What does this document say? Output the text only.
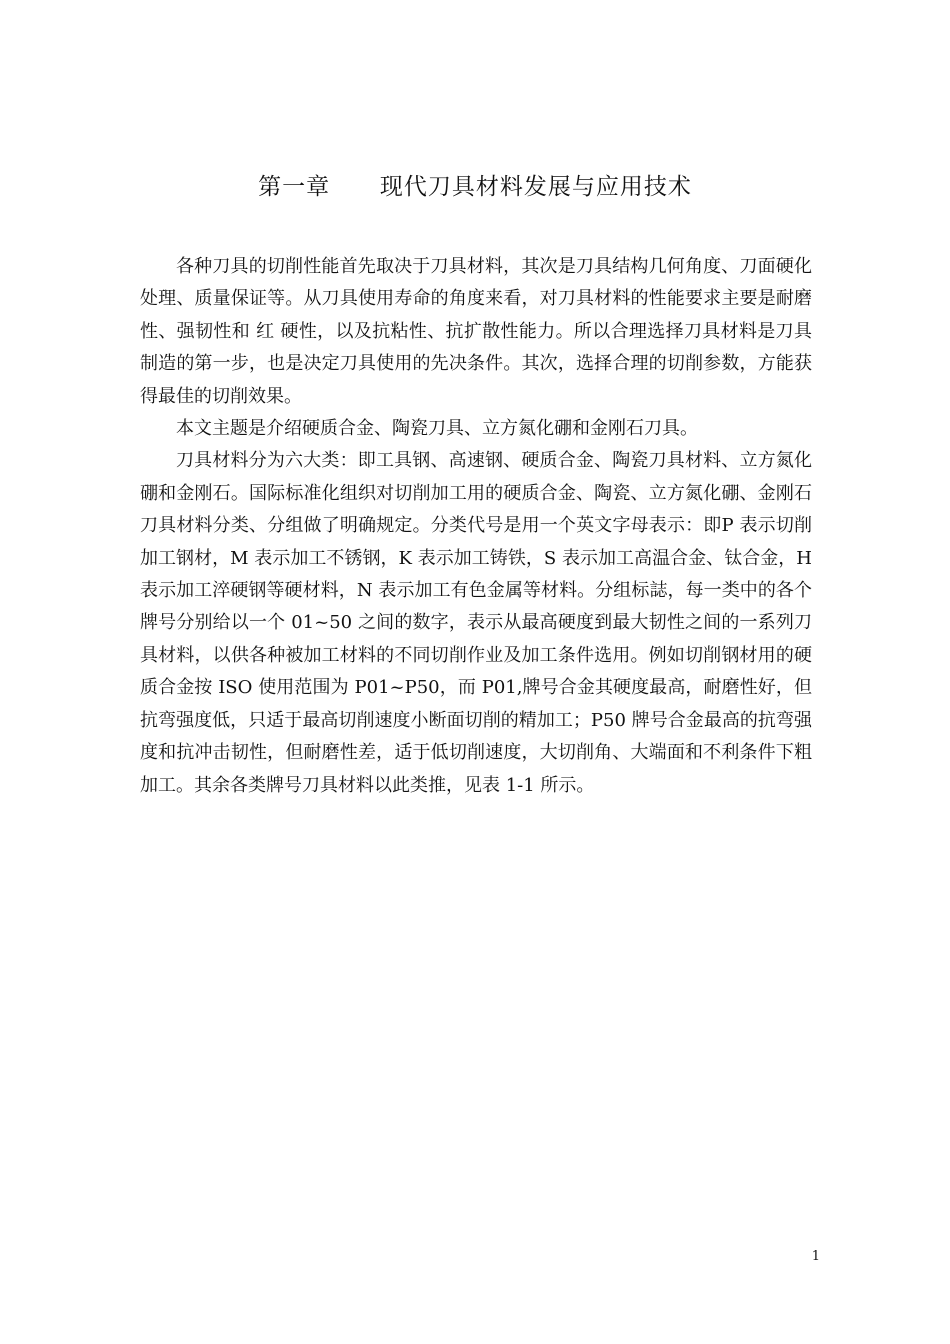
第一章      现代刀具材料发展与应用技术

各种刀具的切削性能首先取决于刀具材料，其次是刀具结构几何角度、刀面硬化处理、质量保证等。从刀具使用寿命的角度来看，对刀具材料的性能要求主要是耐磨性、强韧性和 红 硬性，以及抗粘性、抗扩散性能力。所以合理选择刀具材料是刀具制造的第一步，也是决定刀具使用的先决条件。其次，选择合理的切削参数，方能获得最佳的切削效果。

本文主题是介绍硬质合金、陶瓷刀具、立方氮化硼和金刚石刀具。

刀具材料分为六大类：即工具钢、高速钢、硬质合金、陶瓷刀具材料、立方氮化硼和金刚石。国际标准化组织对切削加工用的硬质合金、陶瓷、立方氮化硼、金刚石刀具材料分类、分组做了明确规定。分类代号是用一个英文字母表示：即P 表示切削加工钢材，M 表示加工不锈钢，K 表示加工铸铁，S 表示加工高温合金、钛合金，H 表示加工淬硬钢等硬材料，N 表示加工有色金属等材料。分组标誌，每一类中的各个牌号分别给以一个 01~50 之间的数字，表示从最高硬度到最大韧性之间的一系列刀具材料，以供各种被加工材料的不同切削作业及加工条件选用。例如切削钢材用的硬质合金按 ISO 使用范围为 P01~P50，而 P01,牌号合金其硬度最高，耐磨性好，但抗弯强度低，只适于最高切削速度小断面切削的精加工；P50 牌号合金最高的抗弯强度和抗冲击韧性，但耐磨性差，适于低切削速度，大切削角、大端面和不利条件下粗加工。其余各类牌号刀具材料以此类推，见表 1-1 所示。

1
